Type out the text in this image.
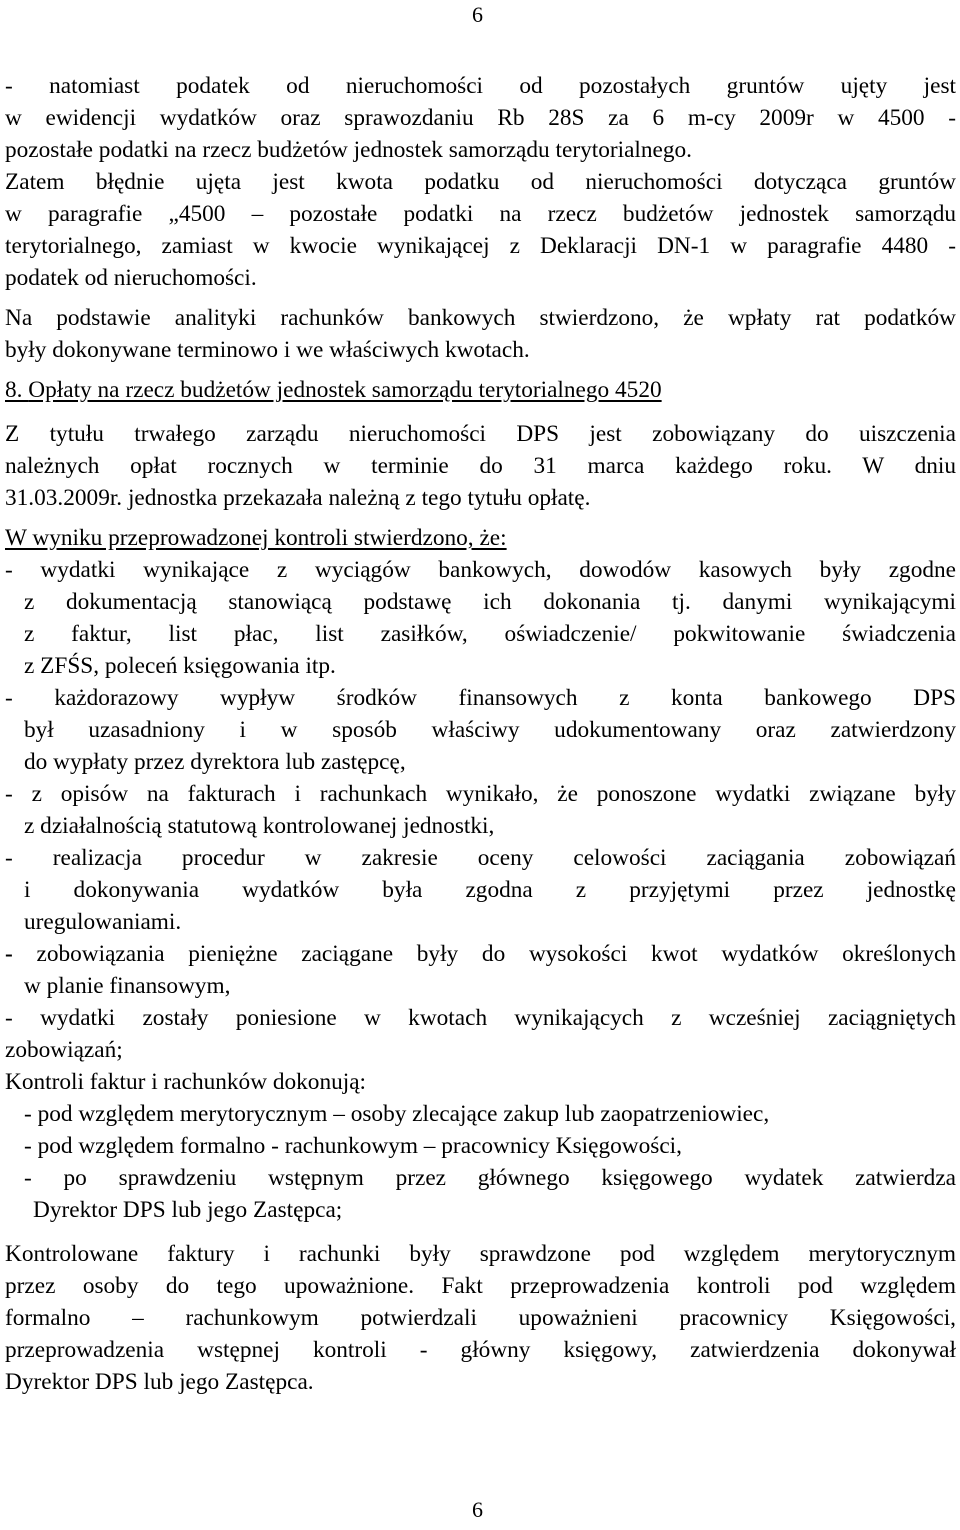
6
- natomiast podatek od nieruchomości od pozostałych gruntów ujęty jest
w ewidencji wydatków oraz sprawozdaniu Rb 28S za 6 m-cy 2009r w 4500 -
pozostałe podatki na rzecz budżetów jednostek samorządu terytorialnego.
Zatem błędnie ujęta jest kwota podatku od nieruchomości dotycząca gruntów
w paragrafie „4500 – pozostałe podatki na rzecz budżetów jednostek samorządu
terytorialnego, zamiast w kwocie wynikającej z Deklaracji DN-1 w paragrafie 4480 -
podatek od nieruchomości.
Na podstawie analityki rachunków bankowych stwierdzono, że wpłaty rat podatków
były dokonywane terminowo i we właściwych kwotach.
8. Opłaty na rzecz budżetów jednostek samorządu terytorialnego 4520
Z tytułu trwałego zarządu nieruchomości DPS jest zobowiązany do uiszczenia
należnych opłat rocznych w terminie do 31 marca każdego roku. W dniu
31.03.2009r. jednostka przekazała należną z tego tytułu opłatę.
W wyniku przeprowadzonej kontroli stwierdzono, że:
- wydatki wynikające z wyciągów bankowych, dowodów kasowych były zgodne
z dokumentacją stanowiącą podstawę ich dokonania tj. danymi wynikającymi
z faktur, list płac, list zasiłków, oświadczenie/ pokwitowanie świadczenia
z ZFŚS, poleceń księgowania itp.
- każdorazowy wypływ środków finansowych z konta bankowego DPS
był uzasadniony i w sposób właściwy udokumentowany oraz zatwierdzony
do wypłaty przez dyrektora lub zastępcę,
- z opisów na fakturach i rachunkach wynikało, że ponoszone wydatki związane były
z działalnością statutową kontrolowanej jednostki,
- realizacja procedur w zakresie oceny celowości zaciągania zobowiązań
i dokonywania wydatków była zgodna z przyjętymi przez jednostkę
uregulowaniami.
- zobowiązania pieniężne zaciągane były do wysokości kwot wydatków określonych
w planie finansowym,
- wydatki zostały poniesione w kwotach wynikających z wcześniej zaciągniętych
zobowiązań;
Kontroli faktur i rachunków dokonują:
- pod względem merytorycznym – osoby zlecające zakup lub zaopatrzeniowiec,
- pod względem formalno - rachunkowym – pracownicy Księgowości,
- po sprawdzeniu wstępnym przez głównego księgowego wydatek zatwierdza
Dyrektor DPS lub jego Zastępca;
Kontrolowane faktury i rachunki były sprawdzone pod względem merytorycznym
przez osoby do tego upoważnione. Fakt przeprowadzenia kontroli pod względem
formalno – rachunkowym potwierdzali upoważnieni pracownicy Księgowości,
przeprowadzenia wstępnej kontroli - główny księgowy, zatwierdzenia dokonywał
Dyrektor DPS lub jego Zastępca.
6
